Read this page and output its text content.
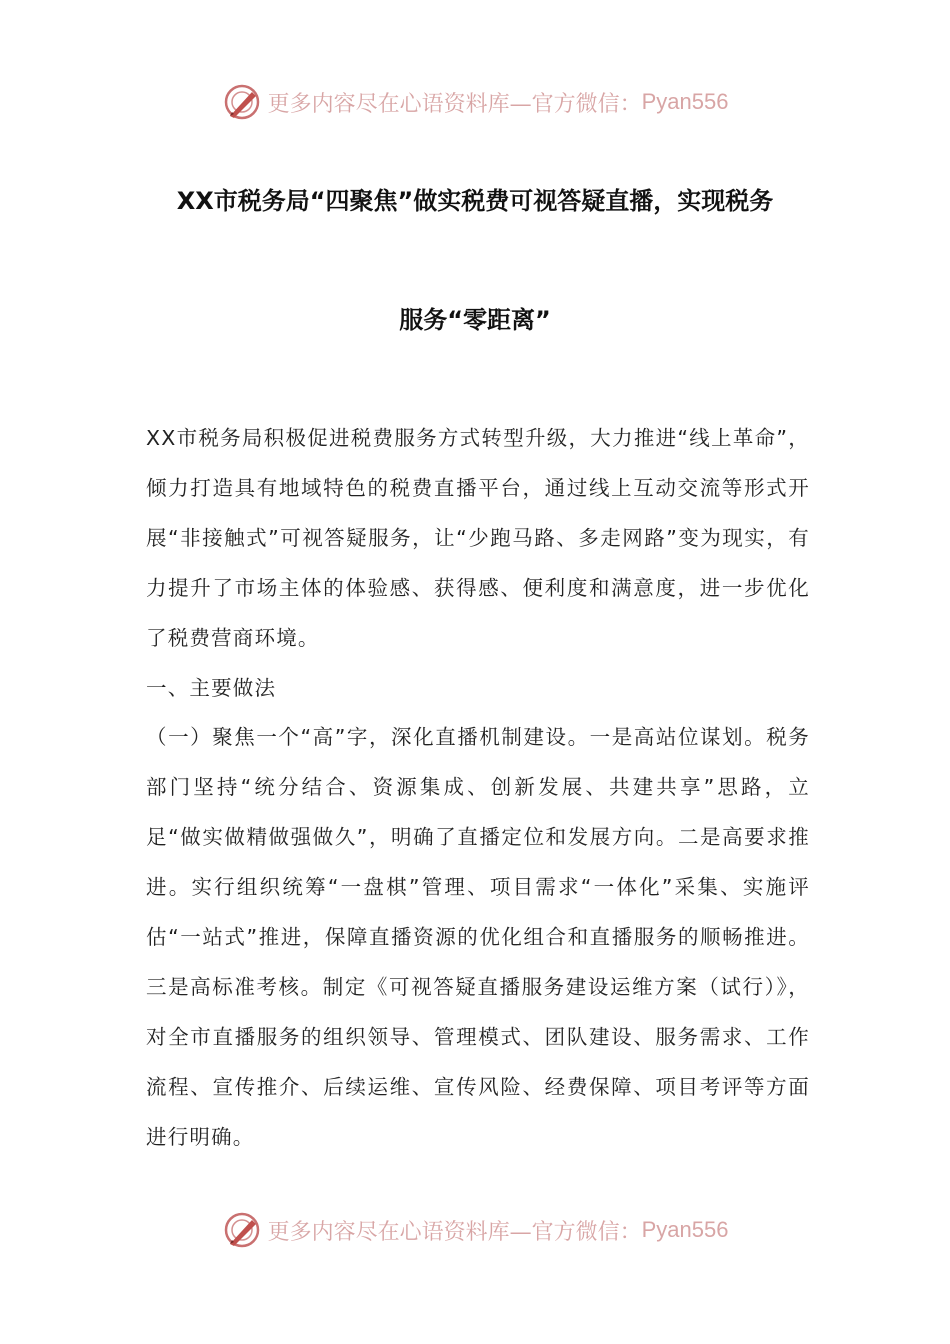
更多内容尽在心语资料库—官方微信： Pyan556
XX市税务局“四聚焦”做实税费可视答疑直播，实现税务
服务“零距离”

XX市税务局积极促进税费服务方式转型升级，大力推进“线上革命”，倾力打造具有地域特色的税费直播平台，通过线上互动交流等形式开展“非接触式”可视答疑服务，让“少跑马路、多走网路”变为现实，有力提升了市场主体的体验感、获得感、便利度和满意度，进一步优化了税费营商环境。

一、主要做法

（一）聚焦一个“高”字，深化直播机制建设。一是高站位谋划。税务部门坚持“统分结合、资源集成、创新发展、共建共享”思路，立足“做实做精做强做久”，明确了直播定位和发展方向。二是高要求推进。实行组织统筹“一盘棋”管理、项目需求“一体化”采集、实施评估“一站式”推进，保障直播资源的优化组合和直播服务的顺畅推进。三是高标准考核。制定《可视答疑直播服务建设运维方案（试行）》，对全市直播服务的组织领导、管理模式、团队建设、服务需求、工作流程、宣传推介、后续运维、宣传风险、经费保障、项目考评等方面进行明确。

更多内容尽在心语资料库—官方微信： Pyan556
